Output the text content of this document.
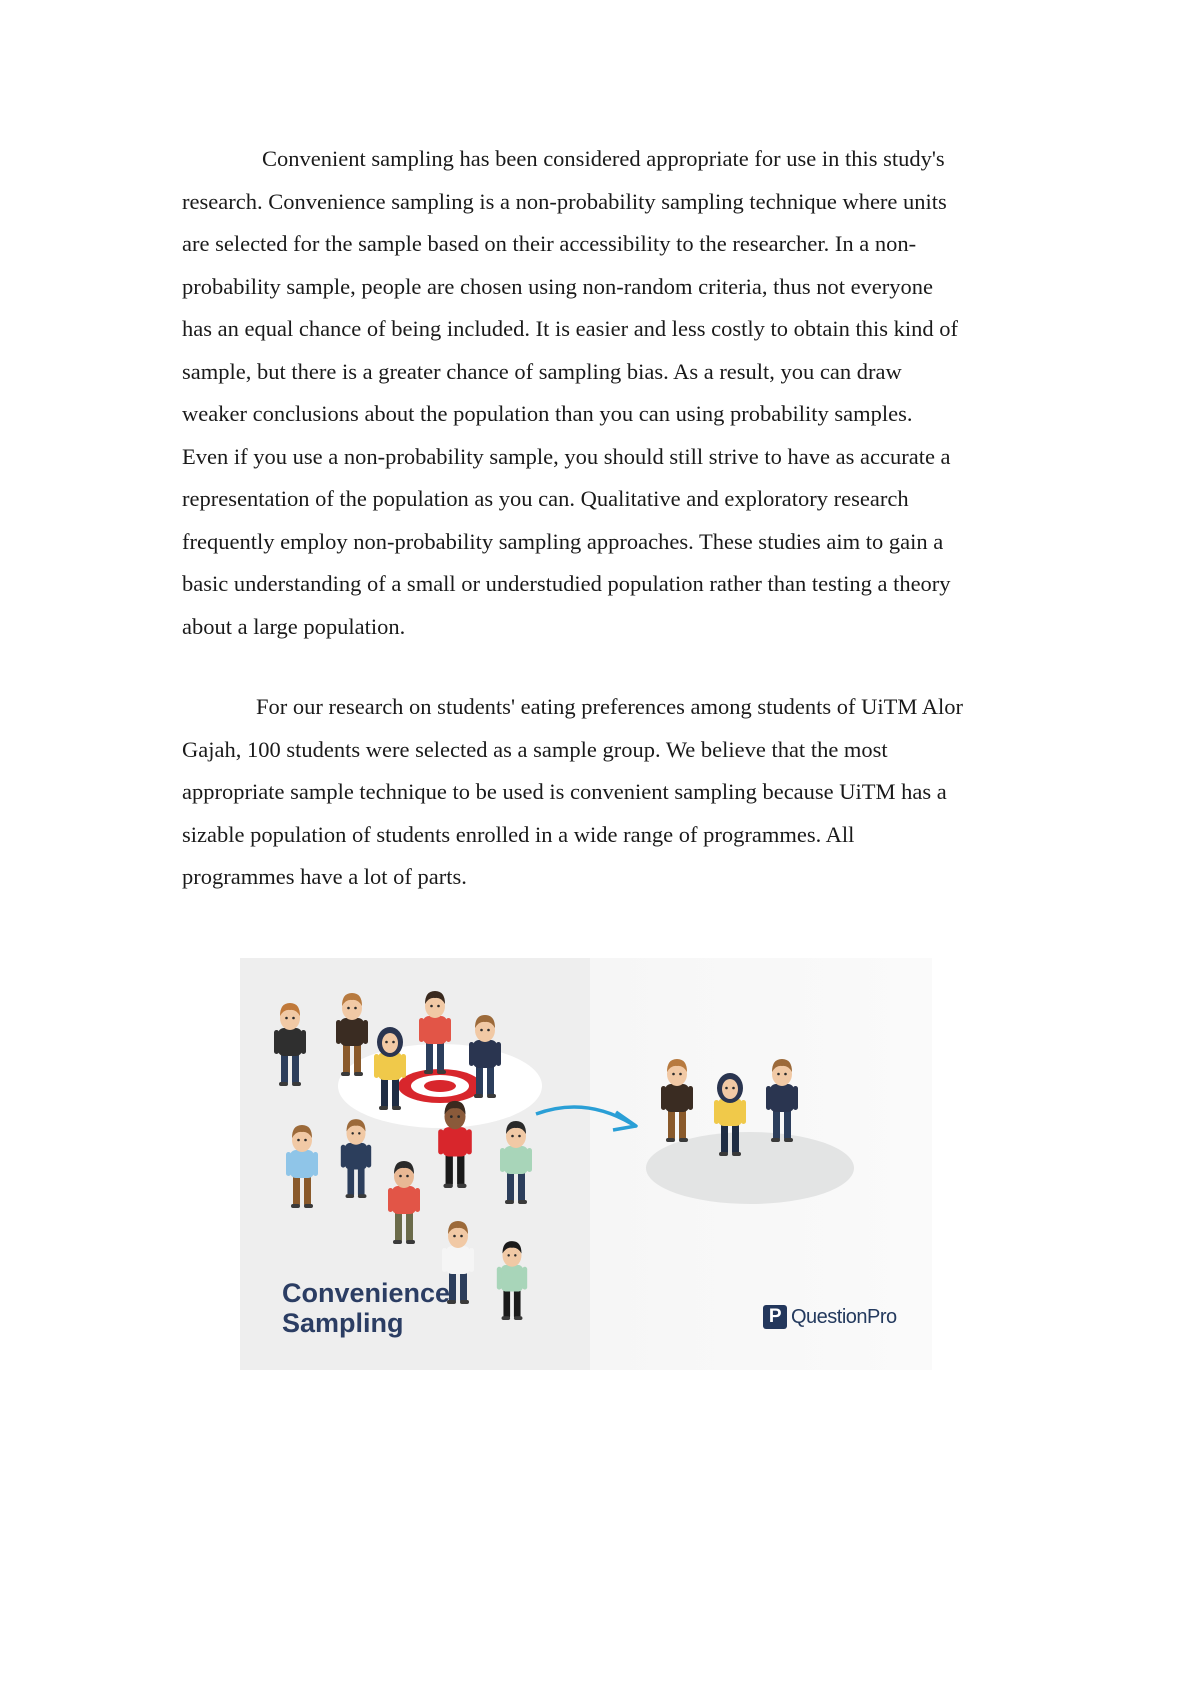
Convenient sampling has been considered appropriate for use in this study's
research. Convenience sampling is a non-probability sampling technique where units
are selected for the sample based on their accessibility to the researcher. In a non-
probability sample, people are chosen using non-random criteria, thus not everyone
has an equal chance of being included. It is easier and less costly to obtain this kind of
sample, but there is a greater chance of sampling bias. As a result, you can draw
weaker conclusions about the population than you can using probability samples.
Even if you use a non-probability sample, you should still strive to have as accurate a
representation of the population as you can. Qualitative and exploratory research
frequently employ non-probability sampling approaches. These studies aim to gain a
basic understanding of a small or understudied population rather than testing a theory
about a large population.

For our research on students' eating preferences among students of UiTM Alor
Gajah, 100 students were selected as a sample group. We believe that the most
appropriate sample technique to be used is convenient sampling because UiTM has a
sizable population of students enrolled in a wide range of programmes. All
programmes have a lot of parts.

Convenience
Sampling	P QuestionPro
